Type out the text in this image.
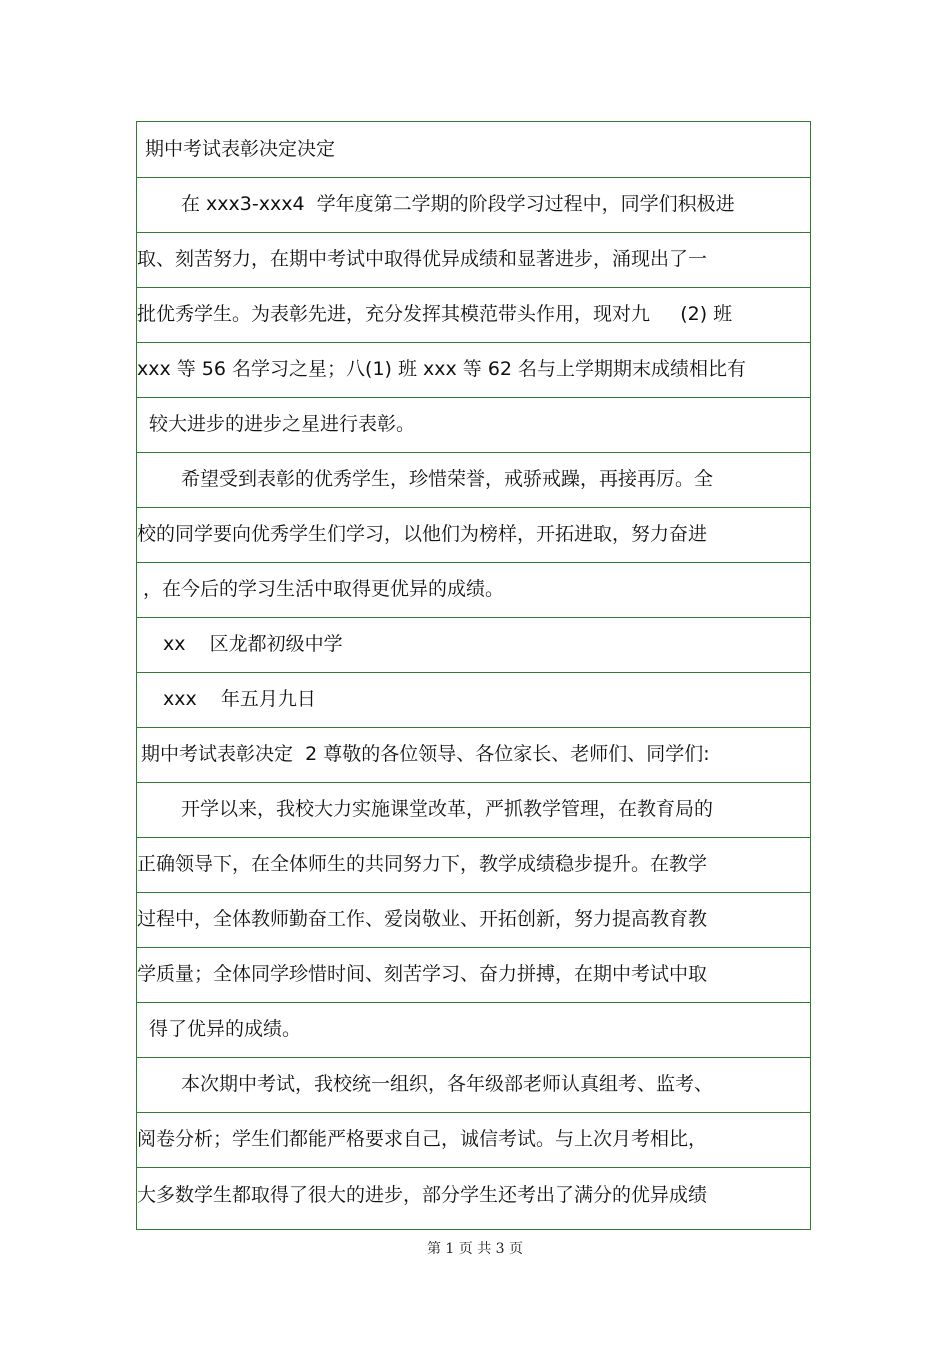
期中考试表彰决定决定
在 xxx3-xxx4  学年度第二学期的阶段学习过程中，同学们积极进
取、刻苦努力，在期中考试中取得优异成绩和显著进步，涌现出了一
批优秀学生。为表彰先进，充分发挥其模范带头作用，现对九     (2) 班
xxx 等 56 名学习之星；八(1) 班 xxx 等 62 名与上学期期末成绩相比有
较大进步的进步之星进行表彰。
希望受到表彰的优秀学生，珍惜荣誉，戒骄戒躁，再接再厉。全
校的同学要向优秀学生们学习，以他们为榜样，开拓进取，努力奋进
，在今后的学习生活中取得更优异的成绩。
xx    区龙都初级中学
xxx    年五月九日
期中考试表彰决定  2 尊敬的各位领导、各位家长、老师们、同学们:
开学以来，我校大力实施课堂改革，严抓教学管理，在教育局的
正确领导下，在全体师生的共同努力下，教学成绩稳步提升。在教学
过程中，全体教师勤奋工作、爱岗敬业、开拓创新，努力提高教育教
学质量；全体同学珍惜时间、刻苦学习、奋力拼搏，在期中考试中取
得了优异的成绩。
本次期中考试，我校统一组织，各年级部老师认真组考、监考、
阅卷分析；学生们都能严格要求自己，诚信考试。与上次月考相比，
大多数学生都取得了很大的进步，部分学生还考出了满分的优异成绩
第 1 页 共 3 页
